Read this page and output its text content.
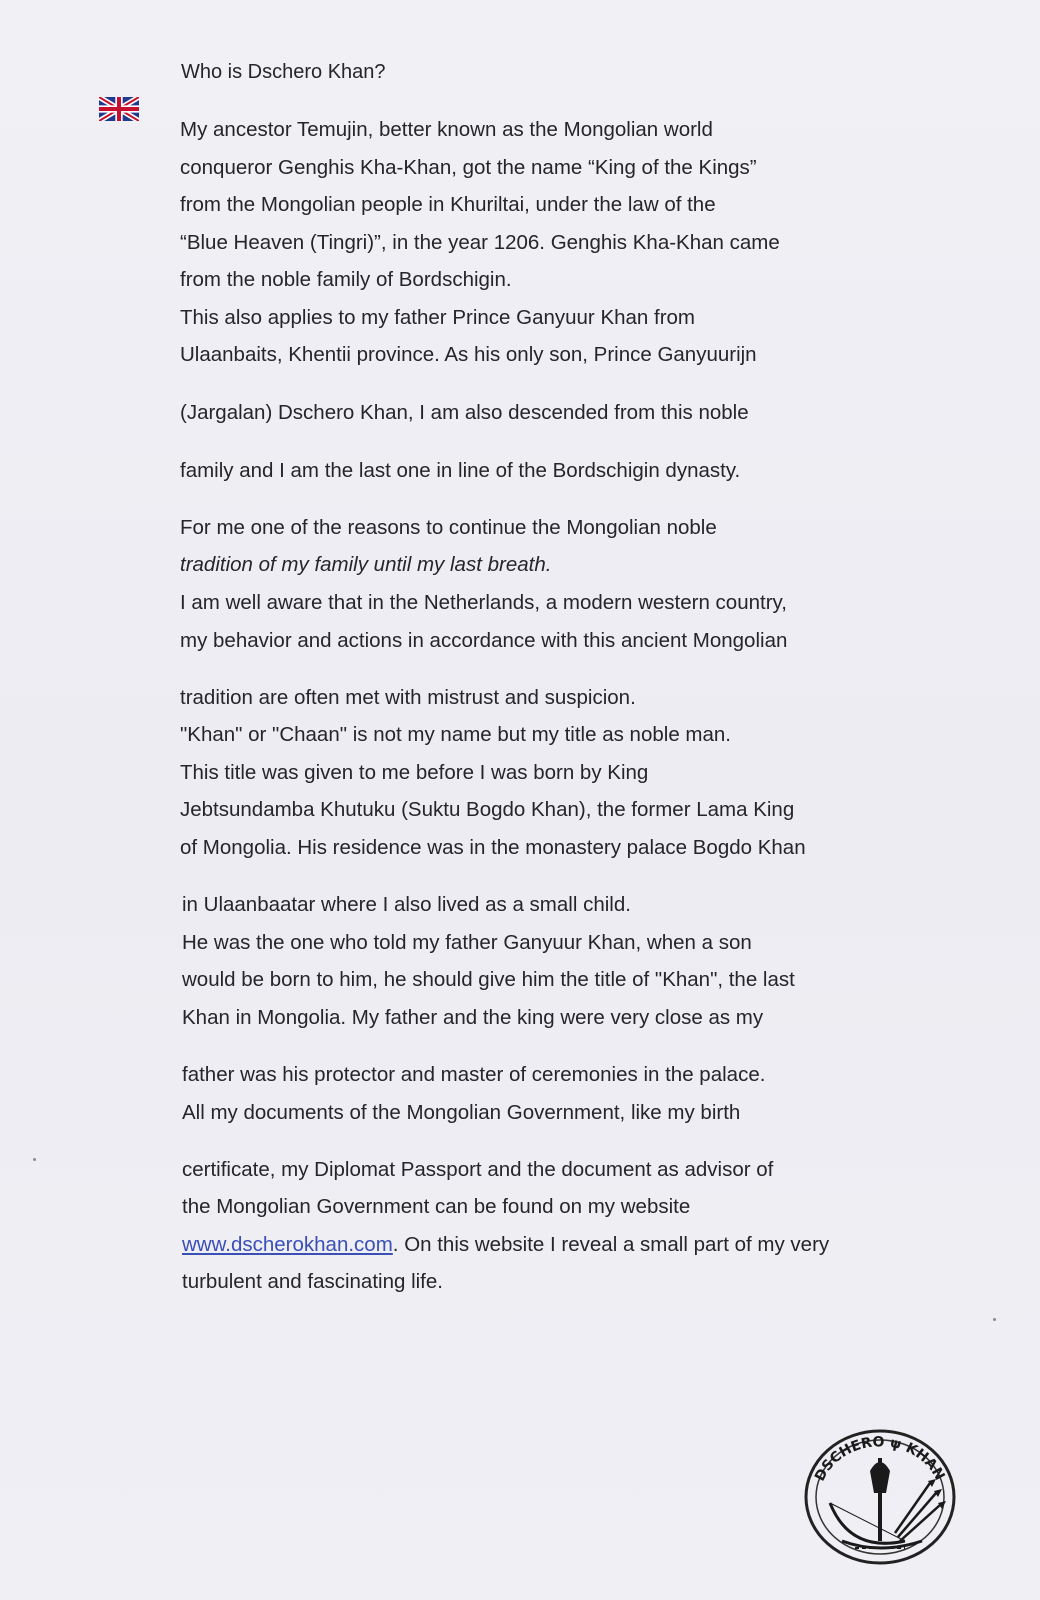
Who is Dschero Khan?
My ancestor Temujin, better known as the Mongolian world
conqueror Genghis Kha-Khan, got the name “King of the Kings”
from the Mongolian people in Khuriltai, under the law of the
“Blue Heaven (Tingri)”, in the year 1206. Genghis Kha-Khan came
from the noble family of Bordschigin.
This also applies to my father Prince Ganyuur Khan from
Ulaanbaits, Khentii province. As his only son, Prince Ganyuurijn
(Jargalan) Dschero Khan, I am also descended from this noble
family and I am the last one in line of the Bordschigin dynasty.
For me one of the reasons to continue the Mongolian noble
tradition of my family until my last breath.
I am well aware that in the Netherlands, a modern western country,
my behavior and actions in accordance with this ancient Mongolian
tradition are often met with mistrust and suspicion.
"Khan" or "Chaan" is not my name but my title as noble man.
This title was given to me before I was born by King
Jebtsundamba Khutuku (Suktu Bogdo Khan), the former Lama King
of Mongolia. His residence was in the monastery palace Bogdo Khan
in Ulaanbaatar where I also lived as a small child.
He was the one who told my father Ganyuur Khan, when a son
would be born to him, he should give him the title of "Khan", the last
Khan in Mongolia. My father and the king were very close as my
father was his protector and master of ceremonies in the palace.
All my documents of the Mongolian Government, like my birth
certificate, my Diplomat Passport and the document as advisor of
the Mongolian Government can be found on my website
www.dscherokhan.com. On this website I reveal a small part of my very
turbulent and fascinating life.
DSCHERO ψ KHAN
